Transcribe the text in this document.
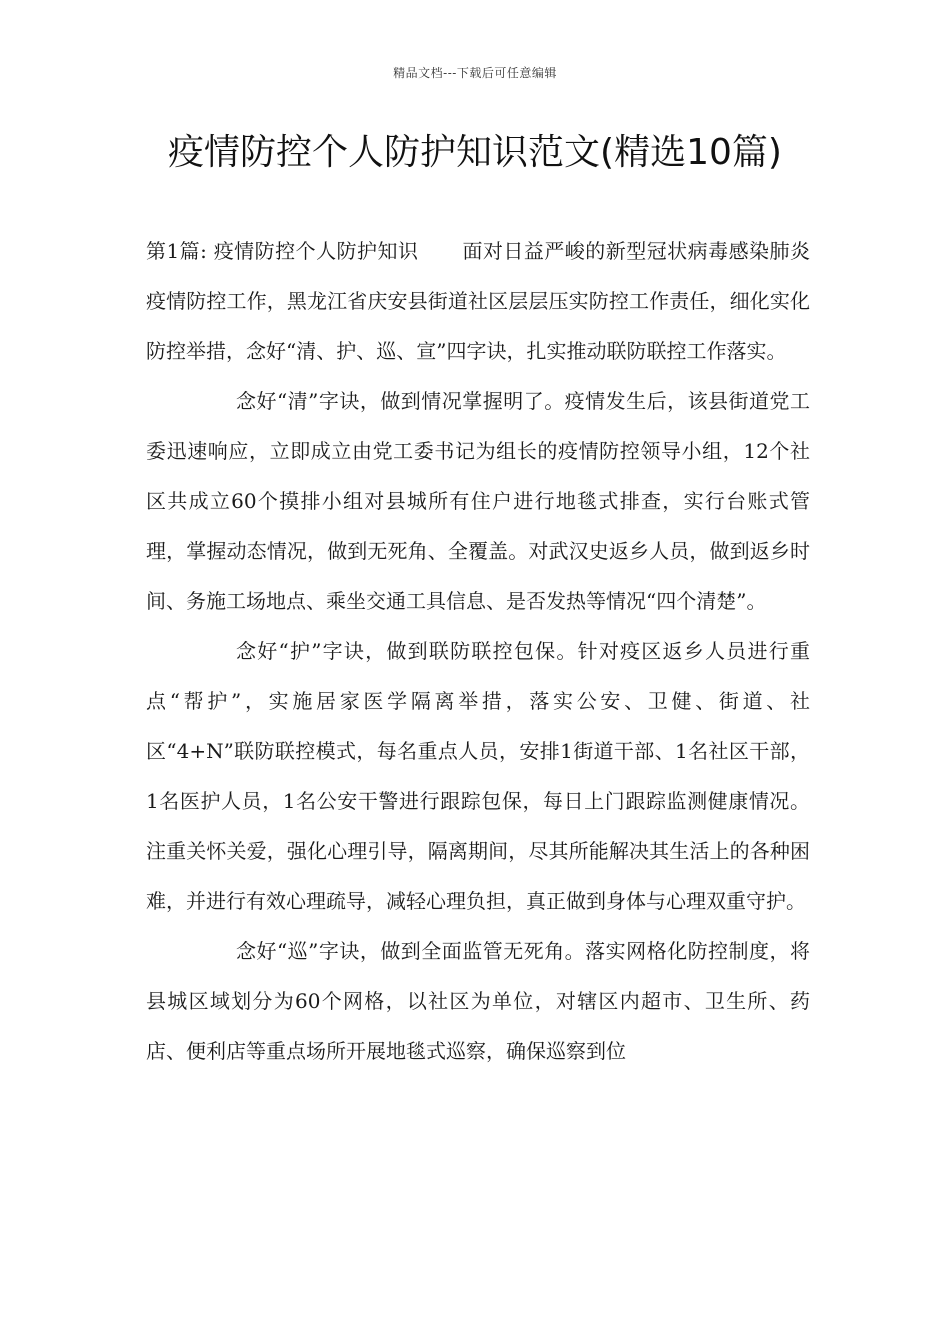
精品文档---下载后可任意编辑
疫情防控个人防护知识范文(精选10篇)

第1篇: 疫情防控个人防护知识 面对日益严峻的新型冠状病毒感染肺炎疫情防控工作，黑龙江省庆安县街道社区层层压实防控工作责任，细化实化防控举措，念好“清、护、巡、宣”四字诀，扎实推动联防联控工作落实。

念好“清”字诀，做到情况掌握明了。疫情发生后，该县街道党工委迅速响应，立即成立由党工委书记为组长的疫情防控领导小组，12个社区共成立60个摸排小组对县城所有住户进行地毯式排查，实行台账式管理，掌握动态情况，做到无死角、全覆盖。对武汉史返乡人员，做到返乡时间、务施工场地点、乘坐交通工具信息、是否发热等情况“四个清楚”。

念好“护”字诀，做到联防联控包保。针对疫区返乡人员进行重点“帮护”，实施居家医学隔离举措，落实公安、卫健、街道、社区“4+N”联防联控模式，每名重点人员，安排1街道干部、1名社区干部，1名医护人员，1名公安干警进行跟踪包保，每日上门跟踪监测健康情况。注重关怀关爱，强化心理引导，隔离期间，尽其所能解决其生活上的各种困难，并进行有效心理疏导，减轻心理负担，真正做到身体与心理双重守护。

念好“巡”字诀，做到全面监管无死角。落实网格化防控制度，将县城区域划分为60个网格，以社区为单位，对辖区内超市、卫生所、药店、便利店等重点场所开展地毯式巡察，确保巡察到位
